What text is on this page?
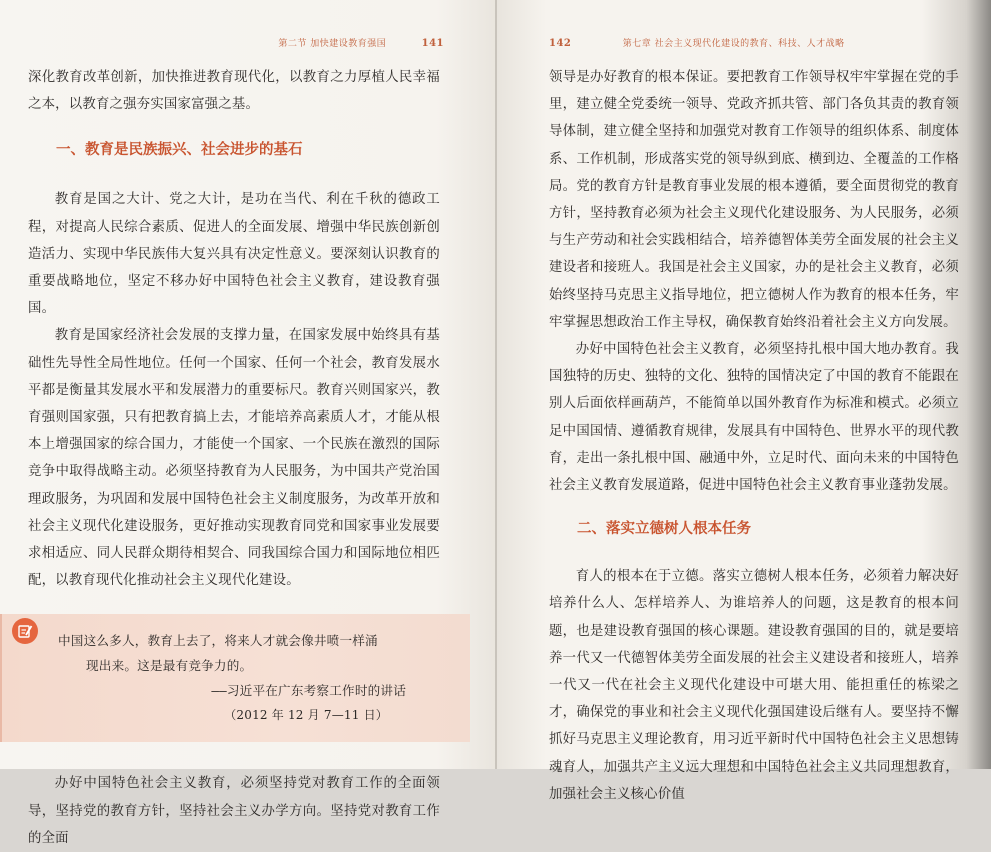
第二节 加快建设教育强国	141

深化教育改革创新，加快推进教育现代化，以教育之力厚植人民幸福之本，以教育之强夯实国家富强之基。

一、教育是民族振兴、社会进步的基石

教育是国之大计、党之大计，是功在当代、利在千秋的德政工程，对提高人民综合素质、促进人的全面发展、增强中华民族创新创造活力、实现中华民族伟大复兴具有决定性意义。要深刻认识教育的重要战略地位，坚定不移办好中国特色社会主义教育，建设教育强国。

教育是国家经济社会发展的支撑力量，在国家发展中始终具有基础性先导性全局性地位。任何一个国家、任何一个社会，教育发展水平都是衡量其发展水平和发展潜力的重要标尺。教育兴则国家兴，教育强则国家强，只有把教育搞上去，才能培养高素质人才，才能从根本上增强国家的综合国力，才能使一个国家、一个民族在激烈的国际竞争中取得战略主动。必须坚持教育为人民服务，为中国共产党治国理政服务，为巩固和发展中国特色社会主义制度服务，为改革开放和社会主义现代化建设服务，更好推动实现教育同党和国家事业发展要求相适应、同人民群众期待相契合、同我国综合国力和国际地位相匹配，以教育现代化推动社会主义现代化建设。

中国这么多人，教育上去了，将来人才就会像井喷一样涌

现出来。这是最有竞争力的。

——习近平在广东考察工作时的讲话

（2012 年 12 月 7—11 日）

办好中国特色社会主义教育，必须坚持党对教育工作的全面领导，坚持党的教育方针，坚持社会主义办学方向。坚持党对教育工作的全面

142	第七章 社会主义现代化建设的教育、科技、人才战略

领导是办好教育的根本保证。要把教育工作领导权牢牢掌握在党的手里，建立健全党委统一领导、党政齐抓共管、部门各负其责的教育领导体制，建立健全坚持和加强党对教育工作领导的组织体系、制度体系、工作机制，形成落实党的领导纵到底、横到边、全覆盖的工作格局。党的教育方针是教育事业发展的根本遵循，要全面贯彻党的教育方针，坚持教育必须为社会主义现代化建设服务、为人民服务，必须与生产劳动和社会实践相结合，培养德智体美劳全面发展的社会主义建设者和接班人。我国是社会主义国家，办的是社会主义教育，必须始终坚持马克思主义指导地位，把立德树人作为教育的根本任务，牢牢掌握思想政治工作主导权，确保教育始终沿着社会主义方向发展。

办好中国特色社会主义教育，必须坚持扎根中国大地办教育。我国独特的历史、独特的文化、独特的国情决定了中国的教育不能跟在别人后面依样画葫芦，不能简单以国外教育作为标准和模式。必须立足中国国情、遵循教育规律，发展具有中国特色、世界水平的现代教育，走出一条扎根中国、融通中外，立足时代、面向未来的中国特色社会主义教育发展道路，促进中国特色社会主义教育事业蓬勃发展。

二、落实立德树人根本任务

育人的根本在于立德。落实立德树人根本任务，必须着力解决好培养什么人、怎样培养人、为谁培养人的问题，这是教育的根本问题，也是建设教育强国的核心课题。建设教育强国的目的，就是要培养一代又一代德智体美劳全面发展的社会主义建设者和接班人，培养一代又一代在社会主义现代化建设中可堪大用、能担重任的栋梁之才，确保党的事业和社会主义现代化强国建设后继有人。要坚持不懈抓好马克思主义理论教育，用习近平新时代中国特色社会主义思想铸魂育人，加强共产主义远大理想和中国特色社会主义共同理想教育，加强社会主义核心价值
